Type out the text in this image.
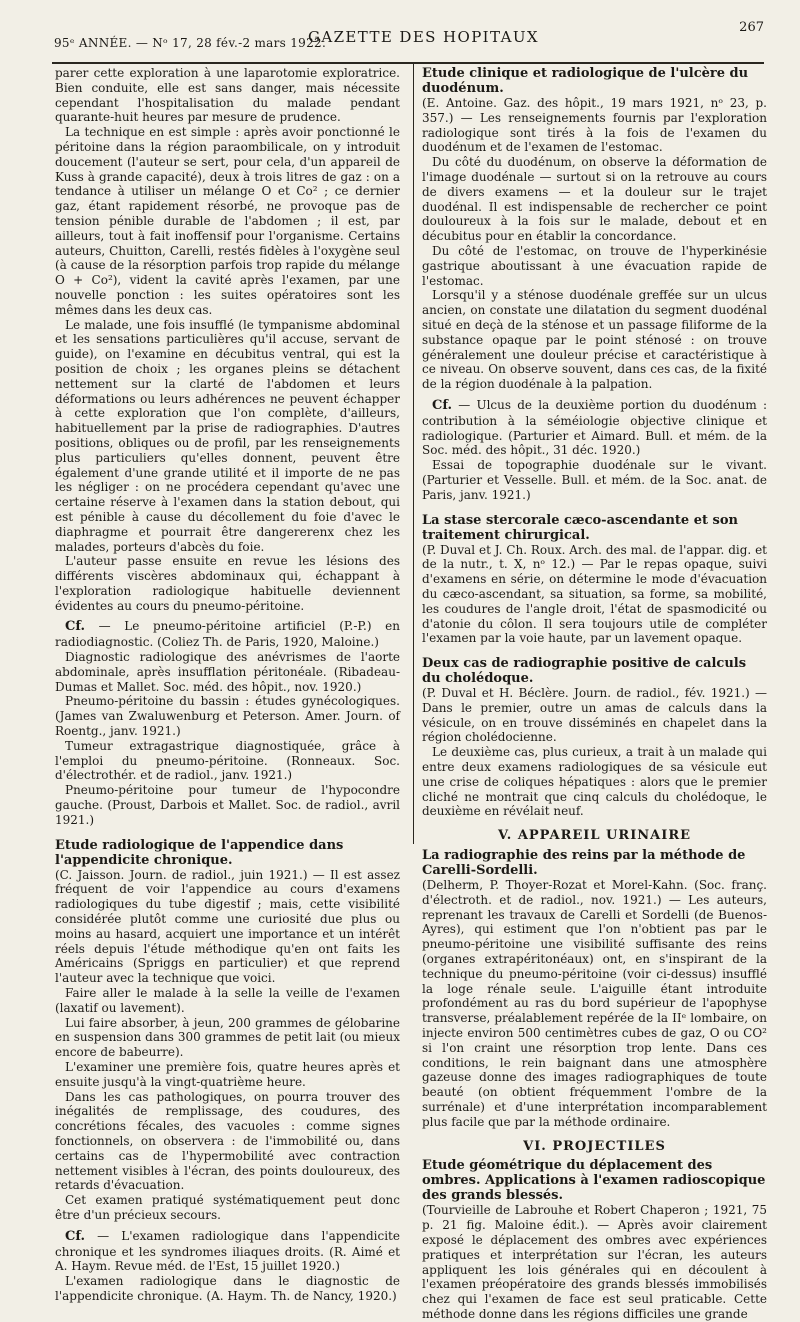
95ᵉ ANNÉE. — Nᵒ 17, 28 fév.-2 mars 1922.
GAZETTE DES HOPITAUX
267

parer cette exploration à une laparotomie exploratrice. Bien conduite, elle est sans danger, mais nécessite cependant l'hospitalisation du malade pendant quarante-huit heures par mesure de prudence.

La technique en est simple : après avoir ponctionné le péritoine dans la région paraombilicale, on y introduit doucement (l'auteur se sert, pour cela, d'un appareil de Kuss à grande capacité), deux à trois litres de gaz : on a tendance à utiliser un mélange O et Co² ; ce dernier gaz, étant rapidement résorbé, ne provoque pas de tension pénible durable de l'abdomen ; il est, par ailleurs, tout à fait inoffensif pour l'organisme. Certains auteurs, Chuitton, Carelli, restés fidèles à l'oxygène seul (à cause de la résorption parfois trop rapide du mélange O + Co²), vident la cavité après l'examen, par une nouvelle ponction : les suites opératoires sont les mêmes dans les deux cas.

Le malade, une fois insufflé (le tympanisme abdominal et les sensations particulières qu'il accuse, servant de guide), on l'examine en décubitus ventral, qui est la position de choix ; les organes pleins se détachent nettement sur la clarté de l'abdomen et leurs déformations ou leurs adhérences ne peuvent échapper à cette exploration que l'on complète, d'ailleurs, habituellement par la prise de radiographies. D'autres positions, obliques ou de profil, par les renseignements plus particuliers qu'elles donnent, peuvent être également d'une grande utilité et il importe de ne pas les négliger : on ne procédera cependant qu'avec une certaine réserve à l'examen dans la station debout, qui est pénible à cause du décollement du foie d'avec le diaphragme et pourrait être dangererenx chez les malades, porteurs d'abcès du foie.

L'auteur passe ensuite en revue les lésions des différents viscères abdominaux qui, échappant à l'exploration radiologique habituelle deviennent évidentes au cours du pneumo-péritoine.

Cf. — Le pneumo-péritoine artificiel (P.-P.) en radiodiagnostic. (Coliez Th. de Paris, 1920, Maloine.)

Diagnostic radiologique des anévrismes de l'aorte abdominale, après insufflation péritonéale. (Ribadeau-Dumas et Mallet. Soc. méd. des hôpit., nov. 1920.)

Pneumo-péritoine du bassin : études gynécologiques. (James van Zwaluwenburg et Peterson. Amer. Journ. of Roentg., janv. 1921.)

Tumeur extragastrique diagnostiquée, grâce à l'emploi du pneumo-péritoine. (Ronneaux. Soc. d'électrothér. et de radiol., janv. 1921.)

Pneumo-péritoine pour tumeur de l'hypocondre gauche. (Proust, Darbois et Mallet. Soc. de radiol., avril 1921.)

Etude radiologique de l'appendice dans l'appendicite chronique.

(C. Jaisson. Journ. de radiol., juin 1921.) — Il est assez fréquent de voir l'appendice au cours d'examens radiologiques du tube digestif ; mais, cette visibilité considérée plutôt comme une curiosité due plus ou moins au hasard, acquiert une importance et un intérêt réels depuis l'étude méthodique qu'en ont faits les Américains (Spriggs en particulier) et que reprend l'auteur avec la technique que voici.

Faire aller le malade à la selle la veille de l'examen (laxatif ou lavement).

Lui faire absorber, à jeun, 200 grammes de gélobarine en suspension dans 300 grammes de petit lait (ou mieux encore de babeurre).

L'examiner une première fois, quatre heures après et ensuite jusqu'à la vingt-quatrième heure.

Dans les cas pathologiques, on pourra trouver des inégalités de remplissage, des coudures, des concrétions fécales, des vacuoles : comme signes fonctionnels, on observera : de l'immobilité ou, dans certains cas de l'hypermobilité avec contraction nettement visibles à l'écran, des points douloureux, des retards d'évacuation.

Cet examen pratiqué systématiquement peut donc être d'un précieux secours.

Cf. — L'examen radiologique dans l'appendicite chronique et les syndromes iliaques droits. (R. Aimé et A. Haym. Revue méd. de l'Est, 15 juillet 1920.)

L'examen radiologique dans le diagnostic de l'appendicite chronique. (A. Haym. Th. de Nancy, 1920.)

Etude clinique et radiologique de l'ulcère du duodénum.

(E. Antoine. Gaz. des hôpit., 19 mars 1921, nᵒ 23, p. 357.) — Les renseignements fournis par l'exploration radiologique sont tirés à la fois de l'examen du duodénum et de l'examen de l'estomac.

Du côté du duodénum, on observe la déformation de l'image duodénale — surtout si on la retrouve au cours de divers examens — et la douleur sur le trajet duodénal. Il est indispensable de rechercher ce point douloureux à la fois sur le malade, debout et en décubitus pour en établir la concordance.

Du côté de l'estomac, on trouve de l'hyperkinésie gastrique aboutissant à une évacuation rapide de l'estomac.

Lorsqu'il y a sténose duodénale greffée sur un ulcus ancien, on constate une dilatation du segment duodénal situé en deçà de la sténose et un passage filiforme de la substance opaque par le point sténosé : on trouve généralement une douleur précise et caractéristique à ce niveau. On observe souvent, dans ces cas, de la fixité de la région duodénale à la palpation.

Cf. — Ulcus de la deuxième portion du duodénum : contribution à la séméiologie objective clinique et radiologique. (Parturier et Aimard. Bull. et mém. de la Soc. méd. des hôpit., 31 déc. 1920.)

Essai de topographie duodénale sur le vivant. (Parturier et Vesselle. Bull. et mém. de la Soc. anat. de Paris, janv. 1921.)

La stase stercorale cæco-ascendante et son traitement chirurgical.

(P. Duval et J. Ch. Roux. Arch. des mal. de l'appar. dig. et de la nutr., t. X, nᵒ 12.) — Par le repas opaque, suivi d'examens en série, on détermine le mode d'évacuation du cæco-ascendant, sa situation, sa forme, sa mobilité, les coudures de l'angle droit, l'état de spasmodicité ou d'atonie du côlon. Il sera toujours utile de compléter l'examen par la voie haute, par un lavement opaque.

Deux cas de radiographie positive de calculs du cholédoque.

(P. Duval et H. Béclère. Journ. de radiol., fév. 1921.) — Dans le premier, outre un amas de calculs dans la vésicule, on en trouve disséminés en chapelet dans la région cholédocienne.

Le deuxième cas, plus curieux, a trait à un malade qui entre deux examens radiologiques de sa vésicule eut une crise de coliques hépatiques : alors que le premier cliché ne montrait que cinq calculs du cholédoque, le deuxième en révélait neuf.

V. APPAREIL URINAIRE
La radiographie des reins par la méthode de Carelli-Sordelli.

(Delherm, P. Thoyer-Rozat et Morel-Kahn. (Soc. franç. d'électroth. et de radiol., nov. 1921.) — Les auteurs, reprenant les travaux de Carelli et Sordelli (de Buenos-Ayres), qui estiment que l'on n'obtient pas par le pneumo-péritoine une visibilité suffisante des reins (organes extrapéritonéaux) ont, en s'inspirant de la technique du pneumo-péritoine (voir ci-dessus) insufflé la loge rénale seule. L'aiguille étant introduite profondément au ras du bord supérieur de l'apophyse transverse, préalablement repérée de la IIᵉ lombaire, on injecte environ 500 centimètres cubes de gaz, O ou CO² si l'on craint une résorption trop lente. Dans ces conditions, le rein baignant dans une atmosphère gazeuse donne des images radiographiques de toute beauté (on obtient fréquemment l'ombre de la surrénale) et d'une interprétation incomparablement plus facile que par la méthode ordinaire.

VI. PROJECTILES
Etude géométrique du déplacement des ombres. Applications à l'examen radioscopique des grands blessés.

(Tourvieille de Labrouhe et Robert Chaperon ; 1921, 75 p. 21 fig. Maloine édit.). — Après avoir clairement exposé le déplacement des ombres avec expériences pratiques et interprétation sur l'écran, les auteurs appliquent les lois générales qui en découlent à l'examen préopératoire des grands blessés immobilisés chez qui l'examen de face est seul praticable. Cette méthode donne dans les régions difficiles une grande
